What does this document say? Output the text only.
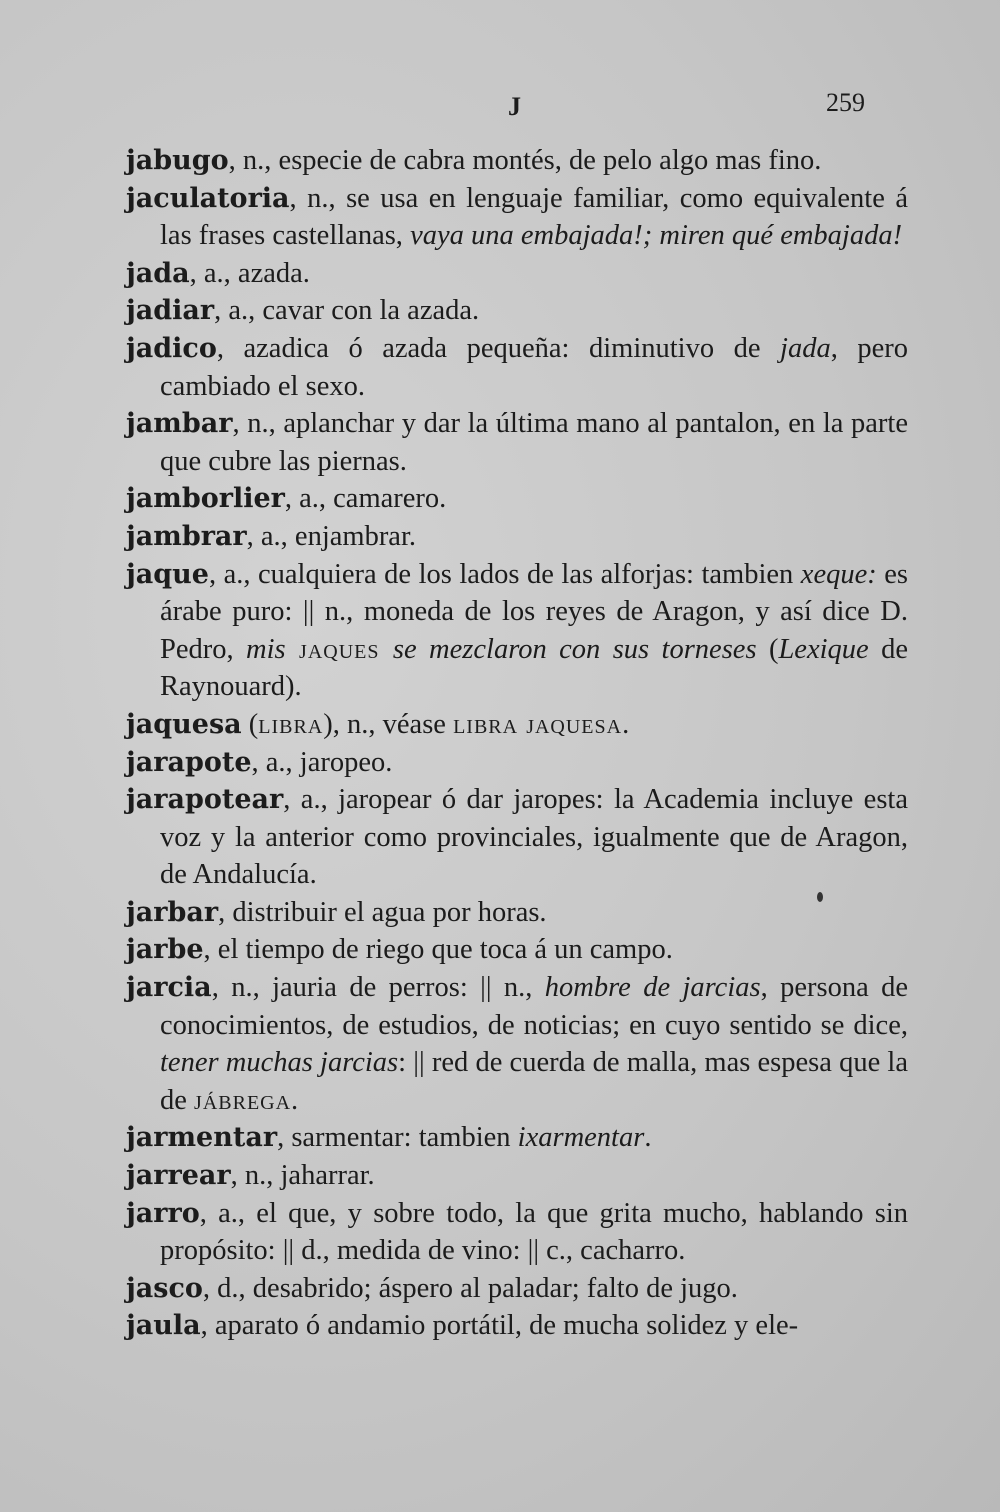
J	259

jabugo, n., especie de cabra montés, de pelo algo mas fino.

jaculatoria, n., se usa en lenguaje familiar, como equivalente á las frases castellanas, vaya una embajada!; miren qué embajada!

jada, a., azada.

jadiar, a., cavar con la azada.

jadico, azadica ó azada pequeña: diminutivo de jada, pero cambiado el sexo.

jambar, n., aplanchar y dar la última mano al pantalon, en la parte que cubre las piernas.

jamborlier, a., camarero.

jambrar, a., enjambrar.

jaque, a., cualquiera de los lados de las alforjas: tambien xeque: es árabe puro: || n., moneda de los reyes de Aragon, y así dice D. Pedro, mis jaques se mezclaron con sus torneses (Lexique de Raynouard).

jaquesa (libra), n., véase libra jaquesa.

jarapote, a., jaropeo.

jarapotear, a., jaropear ó dar jaropes: la Academia incluye esta voz y la anterior como provinciales, igualmente que de Aragon, de Andalucía.

jarbar, distribuir el agua por horas.

jarbe, el tiempo de riego que toca á un campo.

jarcia, n., jauria de perros: || n., hombre de jarcias, persona de conocimientos, de estudios, de noticias; en cuyo sentido se dice, tener muchas jarcias: || red de cuerda de malla, mas espesa que la de jábrega.

jarmentar, sarmentar: tambien ixarmentar.

jarrear, n., jaharrar.

jarro, a., el que, y sobre todo, la que grita mucho, hablando sin propósito: || d., medida de vino: || c., cacharro.

jasco, d., desabrido; áspero al paladar; falto de jugo.

jaula, aparato ó andamio portátil, de mucha solidez y ele-
